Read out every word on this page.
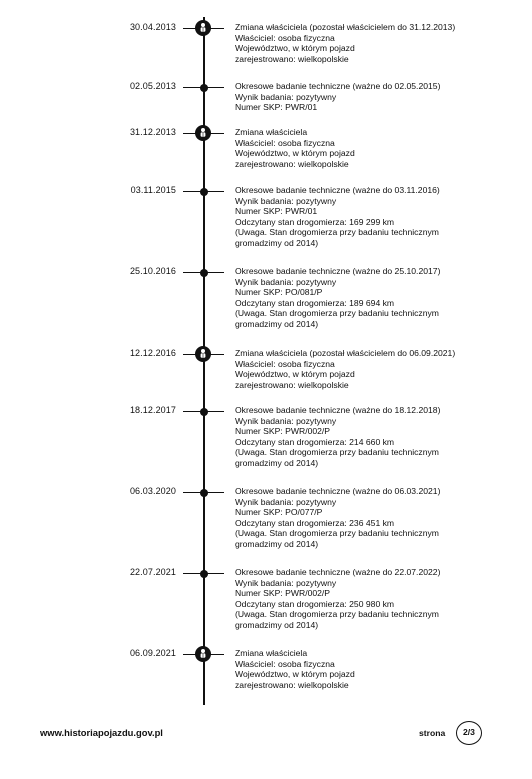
30.04.2013	Zmiana właściciela (pozostał właścicielem do 31.12.2013)
Właściciel: osoba fizyczna
Województwo, w którym pojazd
zarejestrowano: wielkopolskie
02.05.2013	Okresowe badanie techniczne (ważne do 02.05.2015)
Wynik badania: pozytywny
Numer SKP: PWR/01
31.12.2013	Zmiana właściciela
Właściciel: osoba fizyczna
Województwo, w którym pojazd
zarejestrowano: wielkopolskie
03.11.2015	Okresowe badanie techniczne (ważne do 03.11.2016)
Wynik badania: pozytywny
Numer SKP: PWR/01
Odczytany stan drogomierza: 169 299 km
(Uwaga. Stan drogomierza przy badaniu technicznym
gromadzimy od 2014)
25.10.2016	Okresowe badanie techniczne (ważne do 25.10.2017)
Wynik badania: pozytywny
Numer SKP: PO/081/P
Odczytany stan drogomierza: 189 694 km
(Uwaga. Stan drogomierza przy badaniu technicznym
gromadzimy od 2014)
12.12.2016	Zmiana właściciela (pozostał właścicielem do 06.09.2021)
Właściciel: osoba fizyczna
Województwo, w którym pojazd
zarejestrowano: wielkopolskie
18.12.2017	Okresowe badanie techniczne (ważne do 18.12.2018)
Wynik badania: pozytywny
Numer SKP: PWR/002/P
Odczytany stan drogomierza: 214 660 km
(Uwaga. Stan drogomierza przy badaniu technicznym
gromadzimy od 2014)
06.03.2020	Okresowe badanie techniczne (ważne do 06.03.2021)
Wynik badania: pozytywny
Numer SKP: PO/077/P
Odczytany stan drogomierza: 236 451 km
(Uwaga. Stan drogomierza przy badaniu technicznym
gromadzimy od 2014)
22.07.2021	Okresowe badanie techniczne (ważne do 22.07.2022)
Wynik badania: pozytywny
Numer SKP: PWR/002/P
Odczytany stan drogomierza: 250 980 km
(Uwaga. Stan drogomierza przy badaniu technicznym
gromadzimy od 2014)
06.09.2021	Zmiana właściciela
Właściciel: osoba fizyczna
Województwo, w którym pojazd
zarejestrowano: wielkopolskie
www.historiapojazdu.gov.pl	strona	2/3
